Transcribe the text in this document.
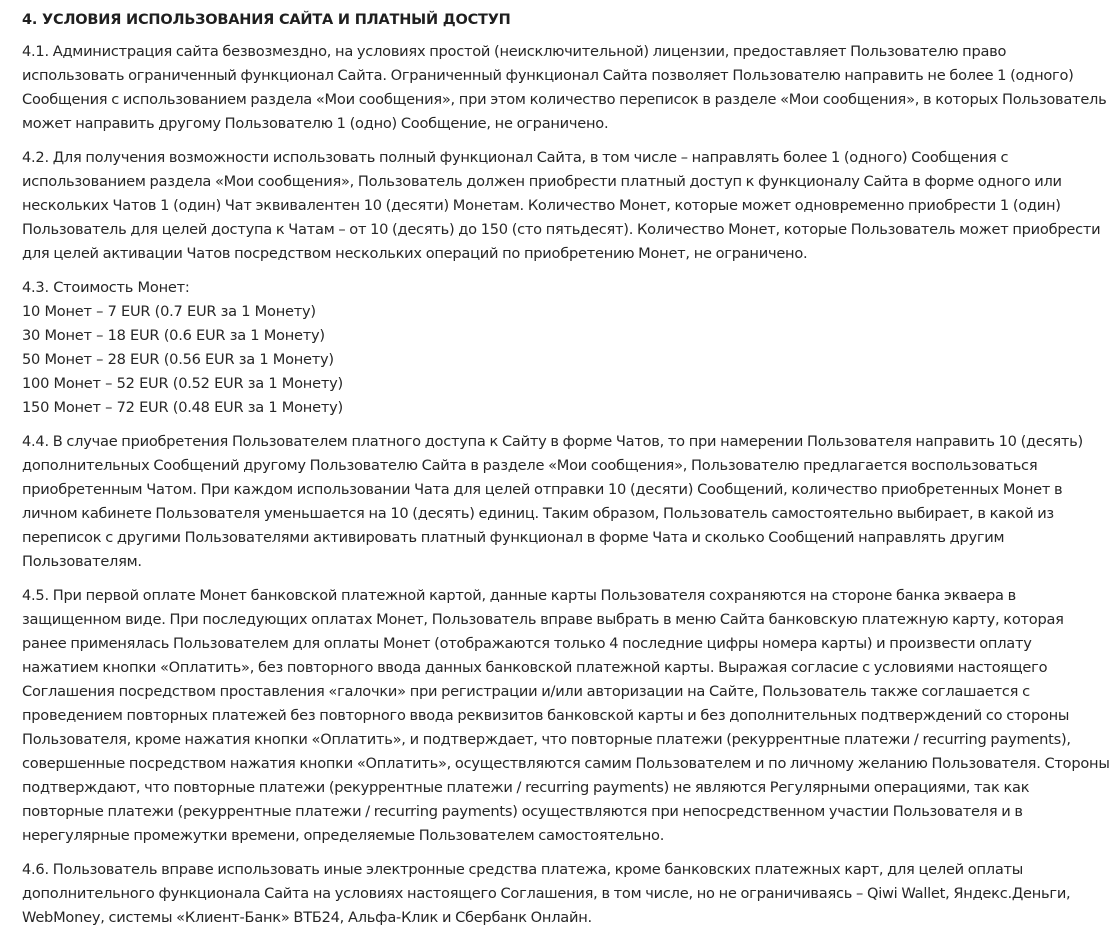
4. УСЛОВИЯ ИСПОЛЬЗОВАНИЯ САЙТА И ПЛАТНЫЙ ДОСТУП

4.1. Администрация сайта безвозмездно, на условиях простой (неисключительной) лицензии, предоставляет Пользователю право использовать ограниченный функционал Сайта. Ограниченный функционал Сайта позволяет Пользователю направить не более 1 (одного) Сообщения с использованием раздела «Мои сообщения», при этом количество переписок в разделе «Мои сообщения», в которых Пользователь может направить другому Пользователю 1 (одно) Сообщение, не ограничено.

4.2. Для получения возможности использовать полный функционал Сайта, в том числе – направлять более 1 (одного) Сообщения с использованием раздела «Мои сообщения», Пользователь должен приобрести платный доступ к функционалу Сайта в форме одного или нескольких Чатов 1 (один) Чат эквивалентен 10 (десяти) Монетам. Количество Монет, которые может одновременно приобрести 1 (один) Пользователь для целей доступа к Чатам – от 10 (десять) до 150 (сто пятьдесят). Количество Монет, которые Пользователь может приобрести для целей активации Чатов посредством нескольких операций по приобретению Монет, не ограничено.

4.3. Стоимость Монет:
10 Монет – 7 EUR (0.7 EUR за 1 Монету)
30 Монет – 18 EUR (0.6 EUR за 1 Монету)
50 Монет – 28 EUR (0.56 EUR за 1 Монету)
100 Монет – 52 EUR (0.52 EUR за 1 Монету)
150 Монет – 72 EUR (0.48 EUR за 1 Монету)

4.4. В случае приобретения Пользователем платного доступа к Сайту в форме Чатов, то при намерении Пользователя направить 10 (десять) дополнительных Сообщений другому Пользователю Сайта в разделе «Мои сообщения», Пользователю предлагается воспользоваться приобретенным Чатом. При каждом использовании Чата для целей отправки 10 (десяти) Сообщений, количество приобретенных Монет в личном кабинете Пользователя уменьшается на 10 (десять) единиц. Таким образом, Пользователь самостоятельно выбирает, в какой из переписок с другими Пользователями активировать платный функционал в форме Чата и сколько Сообщений направлять другим Пользователям.

4.5. При первой оплате Монет банковской платежной картой, данные карты Пользователя сохраняются на стороне банка экваера в защищенном виде. При последующих оплатах Монет, Пользователь вправе выбрать в меню Сайта банковскую платежную карту, которая ранее применялась Пользователем для оплаты Монет (отображаются только 4 последние цифры номера карты) и произвести оплату нажатием кнопки «Оплатить», без повторного ввода данных банковской платежной карты. Выражая согласие с условиями настоящего Соглашения посредством проставления «галочки» при регистрации и/или авторизации на Сайте, Пользователь также соглашается с проведением повторных платежей без повторного ввода реквизитов банковской карты и без дополнительных подтверждений со стороны Пользователя, кроме нажатия кнопки «Оплатить», и подтверждает, что повторные платежи (рекуррентные платежи / recurring payments), совершенные посредством нажатия кнопки «Оплатить», осуществляются самим Пользователем и по личному желанию Пользователя. Стороны подтверждают, что повторные платежи (рекуррентные платежи / recurring payments) не являются Регулярными операциями, так как повторные платежи (рекуррентные платежи / recurring payments) осуществляются при непосредственном участии Пользователя и в нерегулярные промежутки времени, определяемые Пользователем самостоятельно.

4.6. Пользователь вправе использовать иные электронные средства платежа, кроме банковских платежных карт, для целей оплаты дополнительного функционала Сайта на условиях настоящего Соглашения, в том числе, но не ограничиваясь – Qiwi Wallet, Яндекс.Деньги, WebMoney, системы «Клиент-Банк» ВТБ24, Альфа-Клик и Сбербанк Онлайн.
